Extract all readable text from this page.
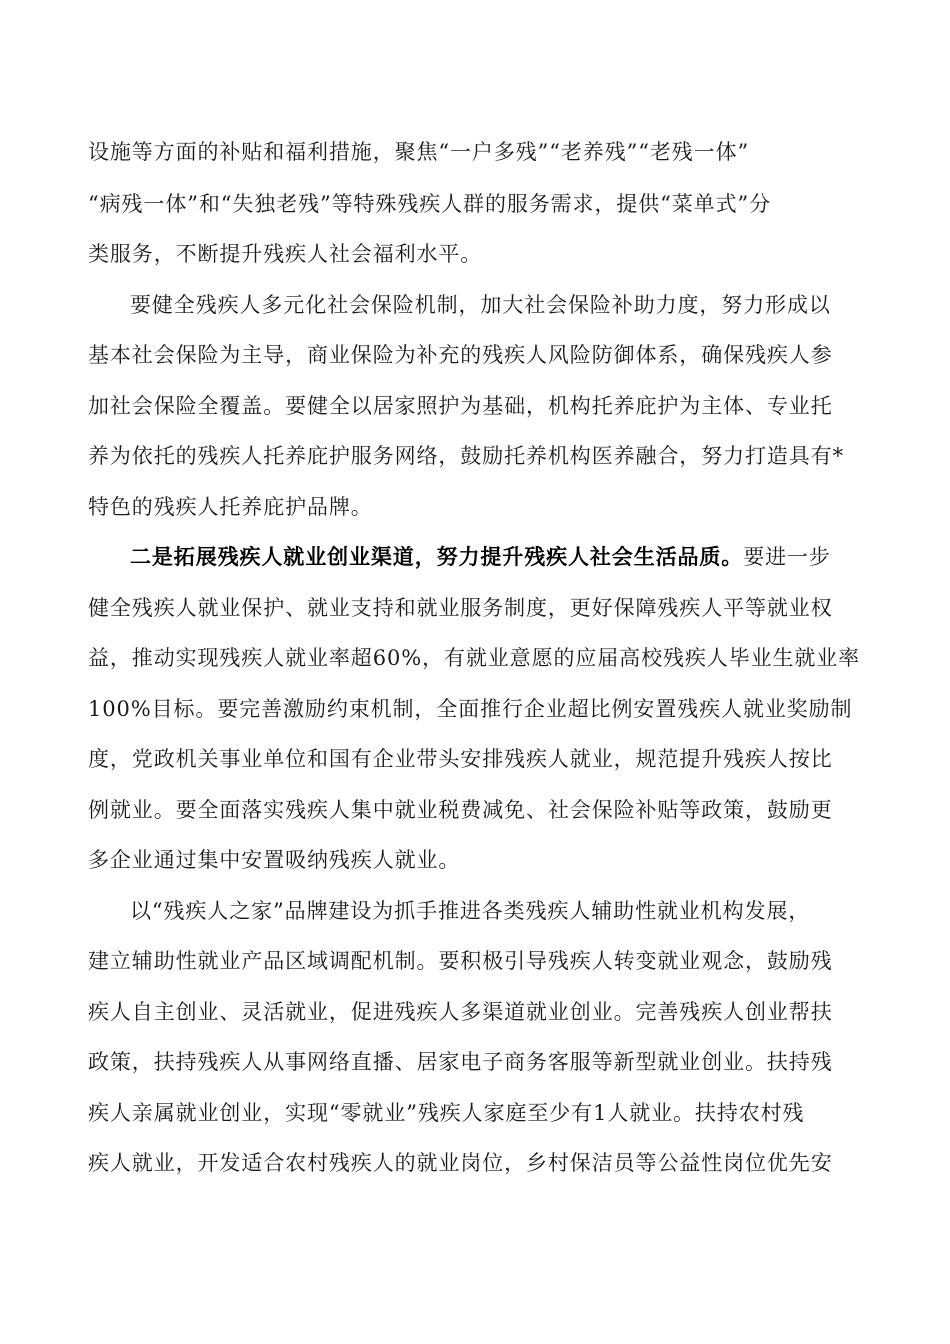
设施等方面的补贴和福利措施，聚焦“一户多残”“老养残”“老残一体”
“病残一体”和“失独老残”等特殊残疾人群的服务需求，提供“菜单式”分
类服务，不断提升残疾人社会福利水平。
要健全残疾人多元化社会保险机制，加大社会保险补助力度，努力形成以
基本社会保险为主导，商业保险为补充的残疾人风险防御体系，确保残疾人参
加社会保险全覆盖。要健全以居家照护为基础，机构托养庇护为主体、专业托
养为依托的残疾人托养庇护服务网络，鼓励托养机构医养融合，努力打造具有*
特色的残疾人托养庇护品牌。
二是拓展残疾人就业创业渠道，努力提升残疾人社会生活品质。要进一步
健全残疾人就业保护、就业支持和就业服务制度，更好保障残疾人平等就业权
益，推动实现残疾人就业率超60%，有就业意愿的应届高校残疾人毕业生就业率
100%目标。要完善激励约束机制，全面推行企业超比例安置残疾人就业奖励制
度，党政机关事业单位和国有企业带头安排残疾人就业，规范提升残疾人按比
例就业。要全面落实残疾人集中就业税费减免、社会保险补贴等政策，鼓励更
多企业通过集中安置吸纳残疾人就业。
以“残疾人之家”品牌建设为抓手推进各类残疾人辅助性就业机构发展，
建立辅助性就业产品区域调配机制。要积极引导残疾人转变就业观念，鼓励残
疾人自主创业、灵活就业，促进残疾人多渠道就业创业。完善残疾人创业帮扶
政策，扶持残疾人从事网络直播、居家电子商务客服等新型就业创业。扶持残
疾人亲属就业创业，实现“零就业”残疾人家庭至少有1人就业。扶持农村残
疾人就业，开发适合农村残疾人的就业岗位，乡村保洁员等公益性岗位优先安
